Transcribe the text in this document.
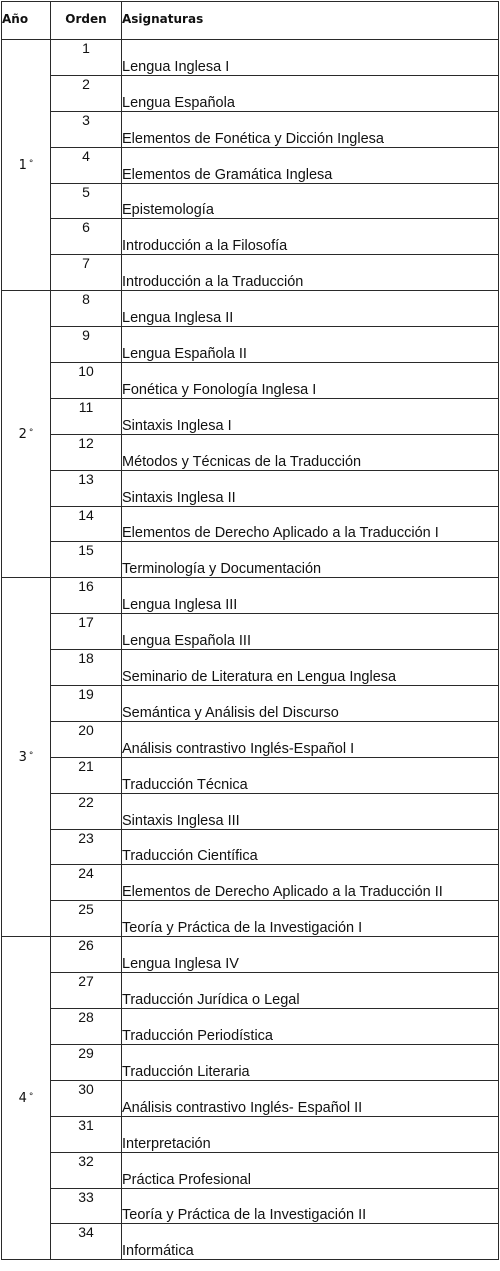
Año	Orden	Asignaturas
1 °	1	Lengua Inglesa I
	2	Lengua Española
	3	Elementos de Fonética y Dicción Inglesa
	4	Elementos de Gramática Inglesa
	5	Epistemología
	6	Introducción a la Filosofía
	7	Introducción a la Traducción
2 °	8	Lengua Inglesa II
	9	Lengua Española II
	10	Fonética y Fonología Inglesa I
	11	Sintaxis Inglesa I
	12	Métodos y Técnicas de la Traducción
	13	Sintaxis Inglesa II
	14	Elementos de Derecho Aplicado a la Traducción I
	15	Terminología y Documentación
3 °	16	Lengua Inglesa III
	17	Lengua Española III
	18	Seminario de Literatura en Lengua Inglesa
	19	Semántica y Análisis del Discurso
	20	Análisis contrastivo Inglés-Español I
	21	Traducción Técnica
	22	Sintaxis Inglesa III
	23	Traducción Científica
	24	Elementos de Derecho Aplicado a la Traducción II
	25	Teoría y Práctica de la Investigación I
4 °	26	Lengua Inglesa IV
	27	Traducción Jurídica o Legal
	28	Traducción Periodística
	29	Traducción Literaria
	30	Análisis contrastivo Inglés- Español II
	31	Interpretación
	32	Práctica Profesional
	33	Teoría y Práctica de la Investigación II
	34	Informática
